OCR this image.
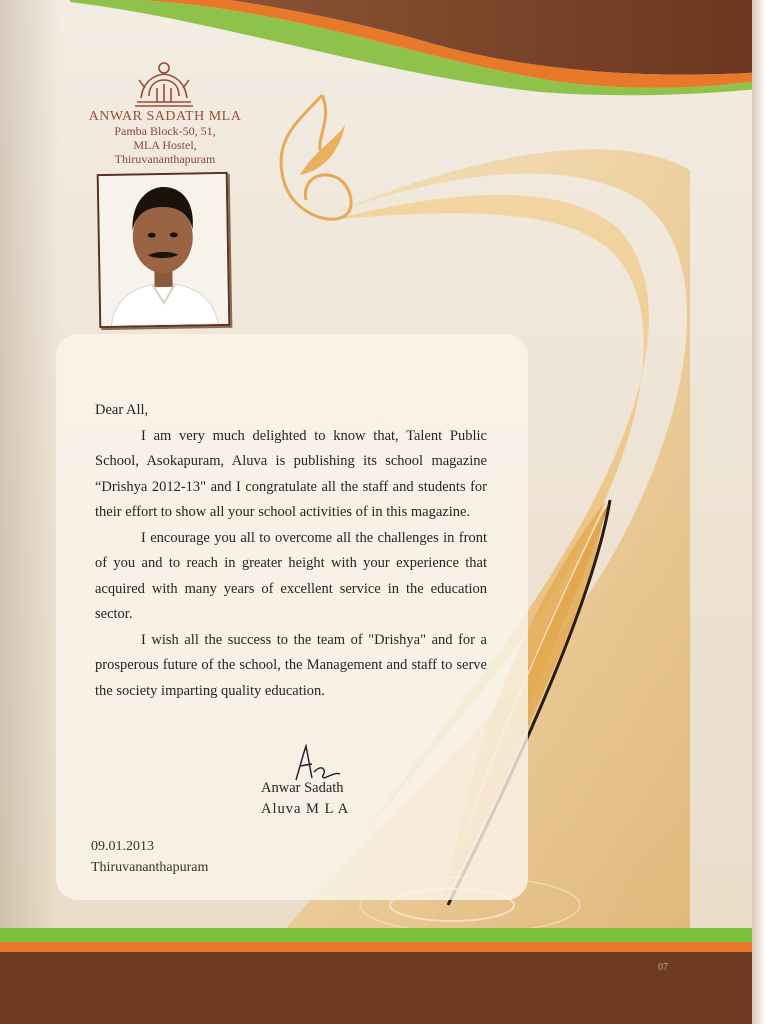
ANWAR SADATH MLA
Pamba Block-50, 51,
MLA Hostel,
Thiruvananthapuram

Dear All,

I am very much delighted to know that, Talent Public School, Asokapuram, Aluva is publishing its school magazine “Drishya 2012-13" and I congratulate all the staff and students for their effort to show all your school activities of in this magazine.

I encourage you all to overcome all the challenges in front of you and to reach in greater height with your experience that acquired with many years of excellent service in the education sector.

I wish all the success to the team of "Drishya" and for a prosperous future of the school, the Management and staff to serve the society imparting quality education.

Anwar Sadath
Aluva M L A
09.01.2013
Thiruvananthapuram
07
